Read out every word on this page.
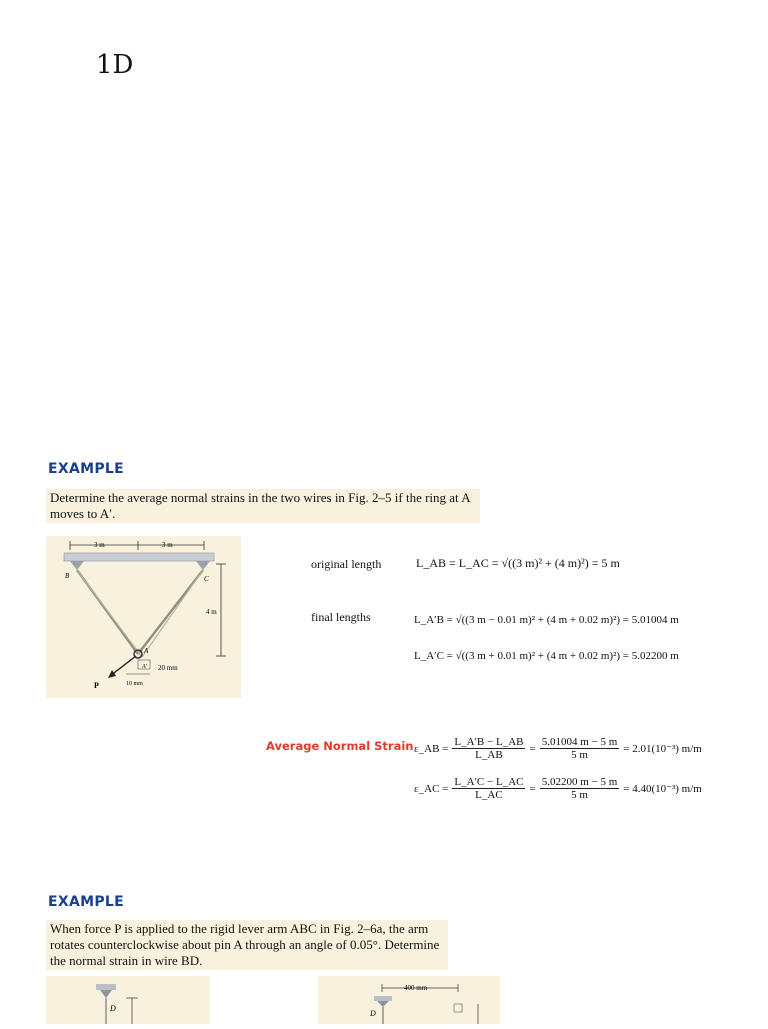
1D
EXAMPLE
Determine the average normal strains in the two wires in Fig. 2–5 if the ring at A moves to A′.
3 m	3 m
B	C
4 m
A
A′ 20 mm
10 mm
P
original length	L_AB = L_AC = √((3 m)² + (4 m)²) = 5 m
final lengths	L_A′B = √((3 m − 0.01 m)² + (4 m + 0.02 m)²) = 5.01004 m
L_A′C = √((3 m + 0.01 m)² + (4 m + 0.02 m)²) = 5.02200 m
Average Normal Strain ε_AB = $\frac{L\_A'B - L\_AB}{L\_AB} = \frac{5.01004 m - 5 m}{5 m} = 2.01(10^{-3})$ m/m
ε_AC = $\frac{L\_A'C - L\_AC}{L\_AC} = \frac{5.02200 m - 5 m}{5 m} = 4.40(10^{-3})$ m/m
EXAMPLE
When force P is applied to the rigid lever arm ABC in Fig. 2–6a, the arm rotates counterclockwise about pin A through an angle of 0.05°. Determine the normal strain in wire BD.
D
400 mm
D
